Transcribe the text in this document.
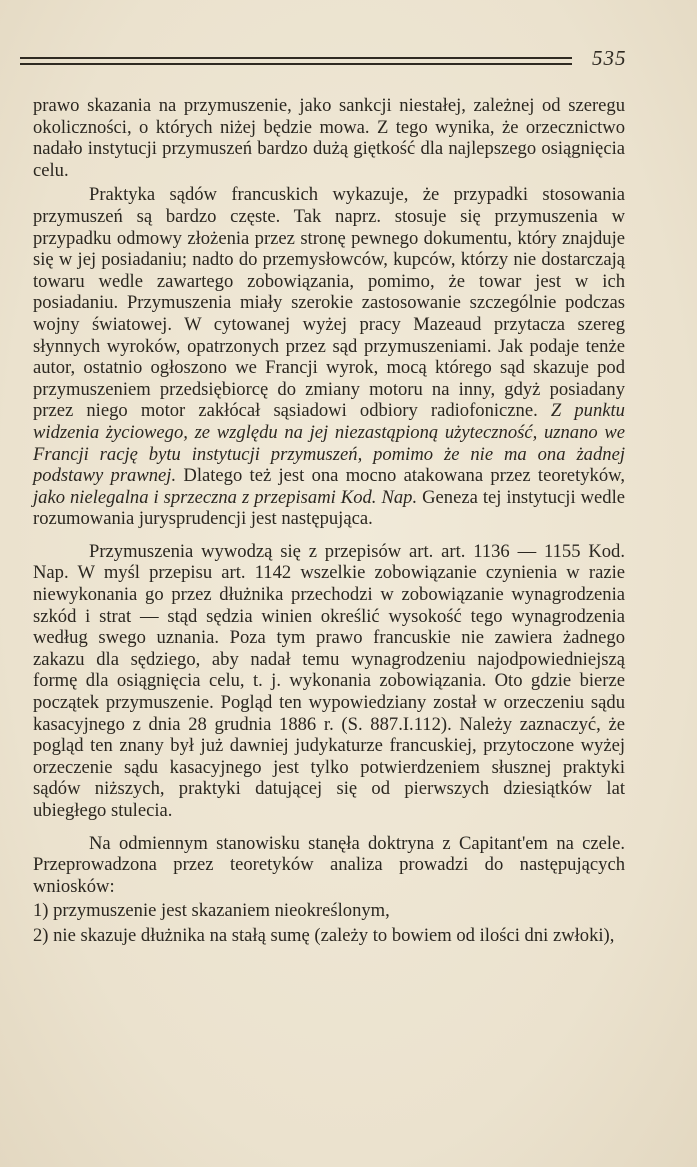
535

prawo skazania na przymuszenie, jako sankcji niestałej, zależnej od szeregu okoliczności, o których niżej będzie mowa. Z tego wynika, że orzecznictwo nadało instytucji przymuszeń bardzo dużą giętkość dla najlepszego osiągnięcia celu.

Praktyka sądów francuskich wykazuje, że przypadki stosowania przymuszeń są bardzo częste. Tak naprz. stosuje się przymuszenia w przypadku odmowy złożenia przez stronę pewnego dokumentu, który znajduje się w jej posiadaniu; nadto do przemysłowców, kupców, którzy nie dostarczają towaru wedle zawartego zobowiązania, pomimo, że towar jest w ich posiadaniu. Przymuszenia miały szerokie zastosowanie szczególnie podczas wojny światowej. W cytowanej wyżej pracy Mazeaud przytacza szereg słynnych wyroków, opatrzonych przez sąd przymuszeniami. Jak podaje tenże autor, ostatnio ogłoszono we Francji wyrok, mocą którego sąd skazuje pod przymuszeniem przedsiębiorcę do zmiany motoru na inny, gdyż posiadany przez niego motor zakłócał sąsiadowi odbiory radiofoniczne. Z punktu widzenia życiowego, ze względu na jej niezastąpioną użyteczność, uznano we Francji rację bytu instytucji przymuszeń, pomimo że nie ma ona żadnej podstawy prawnej. Dlatego też jest ona mocno atakowana przez teoretyków, jako nielegalna i sprzeczna z przepisami Kod. Nap. Geneza tej instytucji wedle rozumowania jurysprudencji jest następująca.

Przymuszenia wywodzą się z przepisów art. art. 1136 — 1155 Kod. Nap. W myśl przepisu art. 1142 wszelkie zobowiązanie czynienia w razie niewykonania go przez dłużnika przechodzi w zobowiązanie wynagrodzenia szkód i strat — stąd sędzia winien określić wysokość tego wynagrodzenia według swego uznania. Poza tym prawo francuskie nie zawiera żadnego zakazu dla sędziego, aby nadał temu wynagrodzeniu najodpowiedniejszą formę dla osiągnięcia celu, t. j. wykonania zobowiązania. Oto gdzie bierze początek przymuszenie. Pogląd ten wypowiedziany został w orzeczeniu sądu kasacyjnego z dnia 28 grudnia 1886 r. (S. 887.I.112). Należy zaznaczyć, że pogląd ten znany był już dawniej judykaturze francuskiej, przytoczone wyżej orzeczenie sądu kasacyjnego jest tylko potwierdzeniem słusznej praktyki sądów niższych, praktyki datującej się od pierwszych dziesiątków lat ubiegłego stulecia.

Na odmiennym stanowisku stanęła doktryna z Capitant'em na czele. Przeprowadzona przez teoretyków analiza prowadzi do następujących wniosków:

1) przymuszenie jest skazaniem nieokreślonym,

2) nie skazuje dłużnika na stałą sumę (zależy to bowiem od ilości dni zwłoki),
